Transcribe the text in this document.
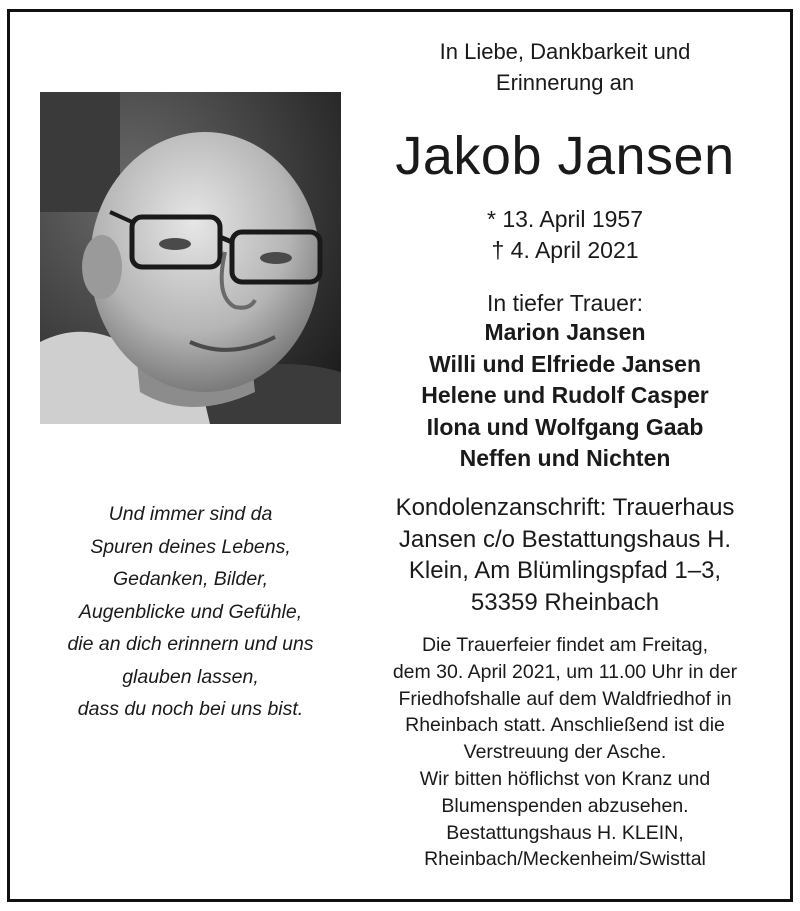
In Liebe, Dankbarkeit und
Erinnerung an
Jakob Jansen
* 13. April 1957
† 4. April 2021
In tiefer Trauer:
Marion Jansen
Willi und Elfriede Jansen
Helene und Rudolf Casper
Ilona und Wolfgang Gaab
Neffen und Nichten
Und immer sind da
Spuren deines Lebens,
Gedanken, Bilder,
Augenblicke und Gefühle,
die an dich erinnern und uns
glauben lassen,
dass du noch bei uns bist.
Kondolenzanschrift: Trauerhaus
Jansen c/o Bestattungshaus H.
Klein, Am Blümlingspfad 1–3,
53359 Rheinbach
Die Trauerfeier findet am Freitag,
dem 30. April 2021, um 11.00 Uhr in der
Friedhofshalle auf dem Waldfriedhof in
Rheinbach statt. Anschließend ist die
Verstreuung der Asche.
Wir bitten höflichst von Kranz und
Blumenspenden abzusehen.
Bestattungshaus H. KLEIN,
Rheinbach/Meckenheim/Swisttal
